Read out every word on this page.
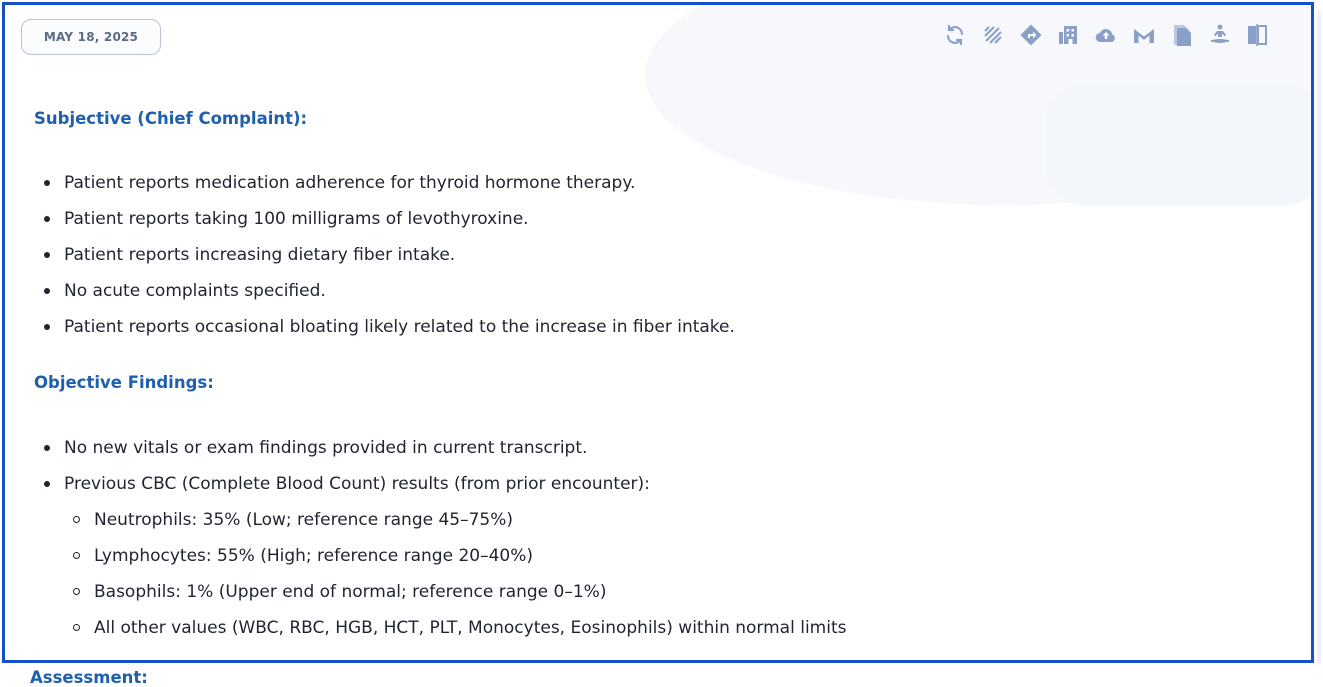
MAY 18, 2025
Subjective (Chief Complaint):
Patient reports medication adherence for thyroid hormone therapy.
Patient reports taking 100 milligrams of levothyroxine.
Patient reports increasing dietary fiber intake.
No acute complaints specified.
Patient reports occasional bloating likely related to the increase in fiber intake.
Objective Findings:
No new vitals or exam findings provided in current transcript.
Previous CBC (Complete Blood Count) results (from prior encounter):
Neutrophils: 35% (Low; reference range 45–75%)
Lymphocytes: 55% (High; reference range 20–40%)
Basophils: 1% (Upper end of normal; reference range 0–1%)
All other values (WBC, RBC, HGB, HCT, PLT, Monocytes, Eosinophils) within normal limits
Assessment:
